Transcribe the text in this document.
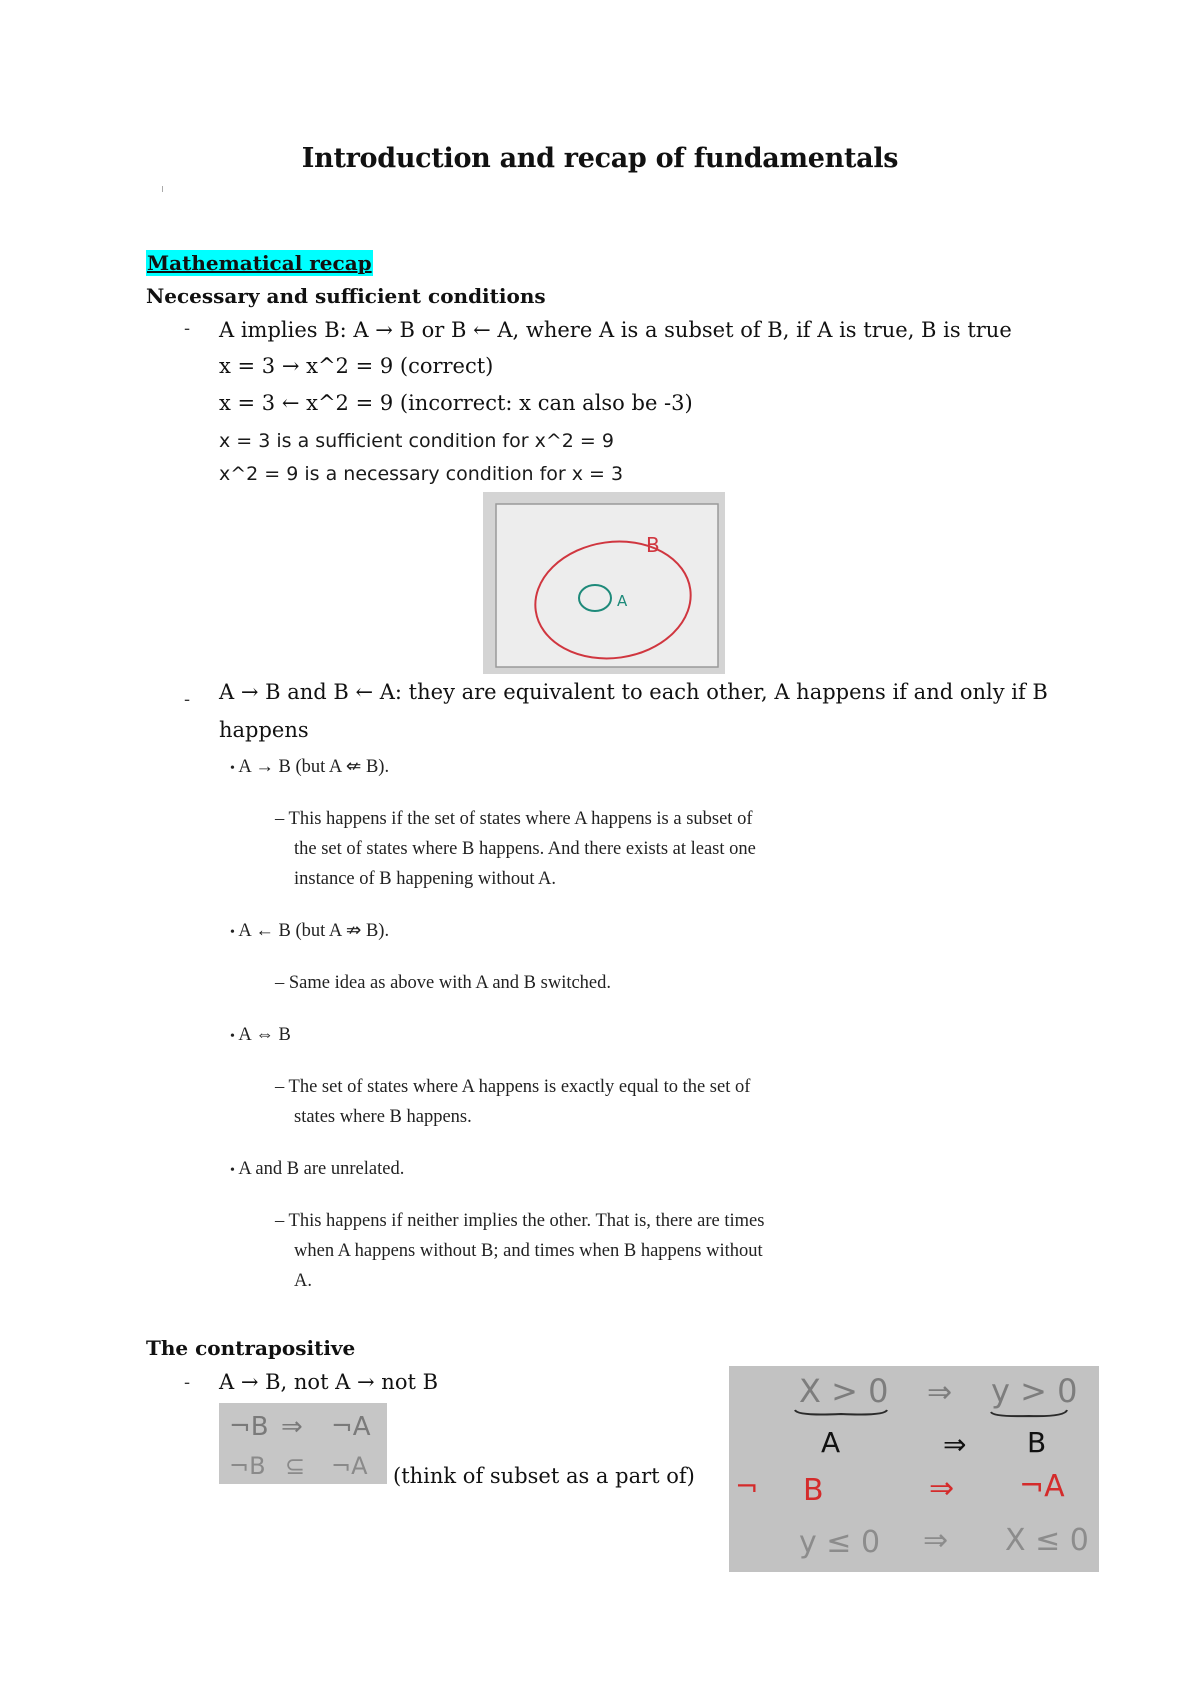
Introduction and recap of fundamentals
Mathematical recap
Necessary and sufficient conditions
- A implies B: A → B or B ← A, where A is a subset of B, if A is true, B is true
x = 3 → x^2 = 9 (correct)
x = 3 ← x^2 = 9 (incorrect: x can also be -3)
x = 3 is a sufficient condition for x^2 = 9
x^2 = 9 is a necessary condition for x = 3
B
A
- A → B and B ← A: they are equivalent to each other, A happens if and only if B
happens
• A → B (but A ⇍ B).
– This happens if the set of states where A happens is a subset of
the set of states where B happens. And there exists at least one
instance of B happening without A.
• A ← B (but A ⇏ B).
– Same idea as above with A and B switched.
• A ⇔ B
– The set of states where A happens is exactly equal to the set of
states where B happens.
• A and B are unrelated.
– This happens if neither implies the other. That is, there are times
when A happens without B; and times when B happens without
A.
The contrapositive
- A → B, not A → not B
¬B ⇒ ¬A
¬B ⊆ ¬A (think of subset as a part of)
X > 0 ⇒ y > 0
A	⇒ B
¬ B	⇒ ¬A
y ≤ 0 ⇒ X ≤ 0
